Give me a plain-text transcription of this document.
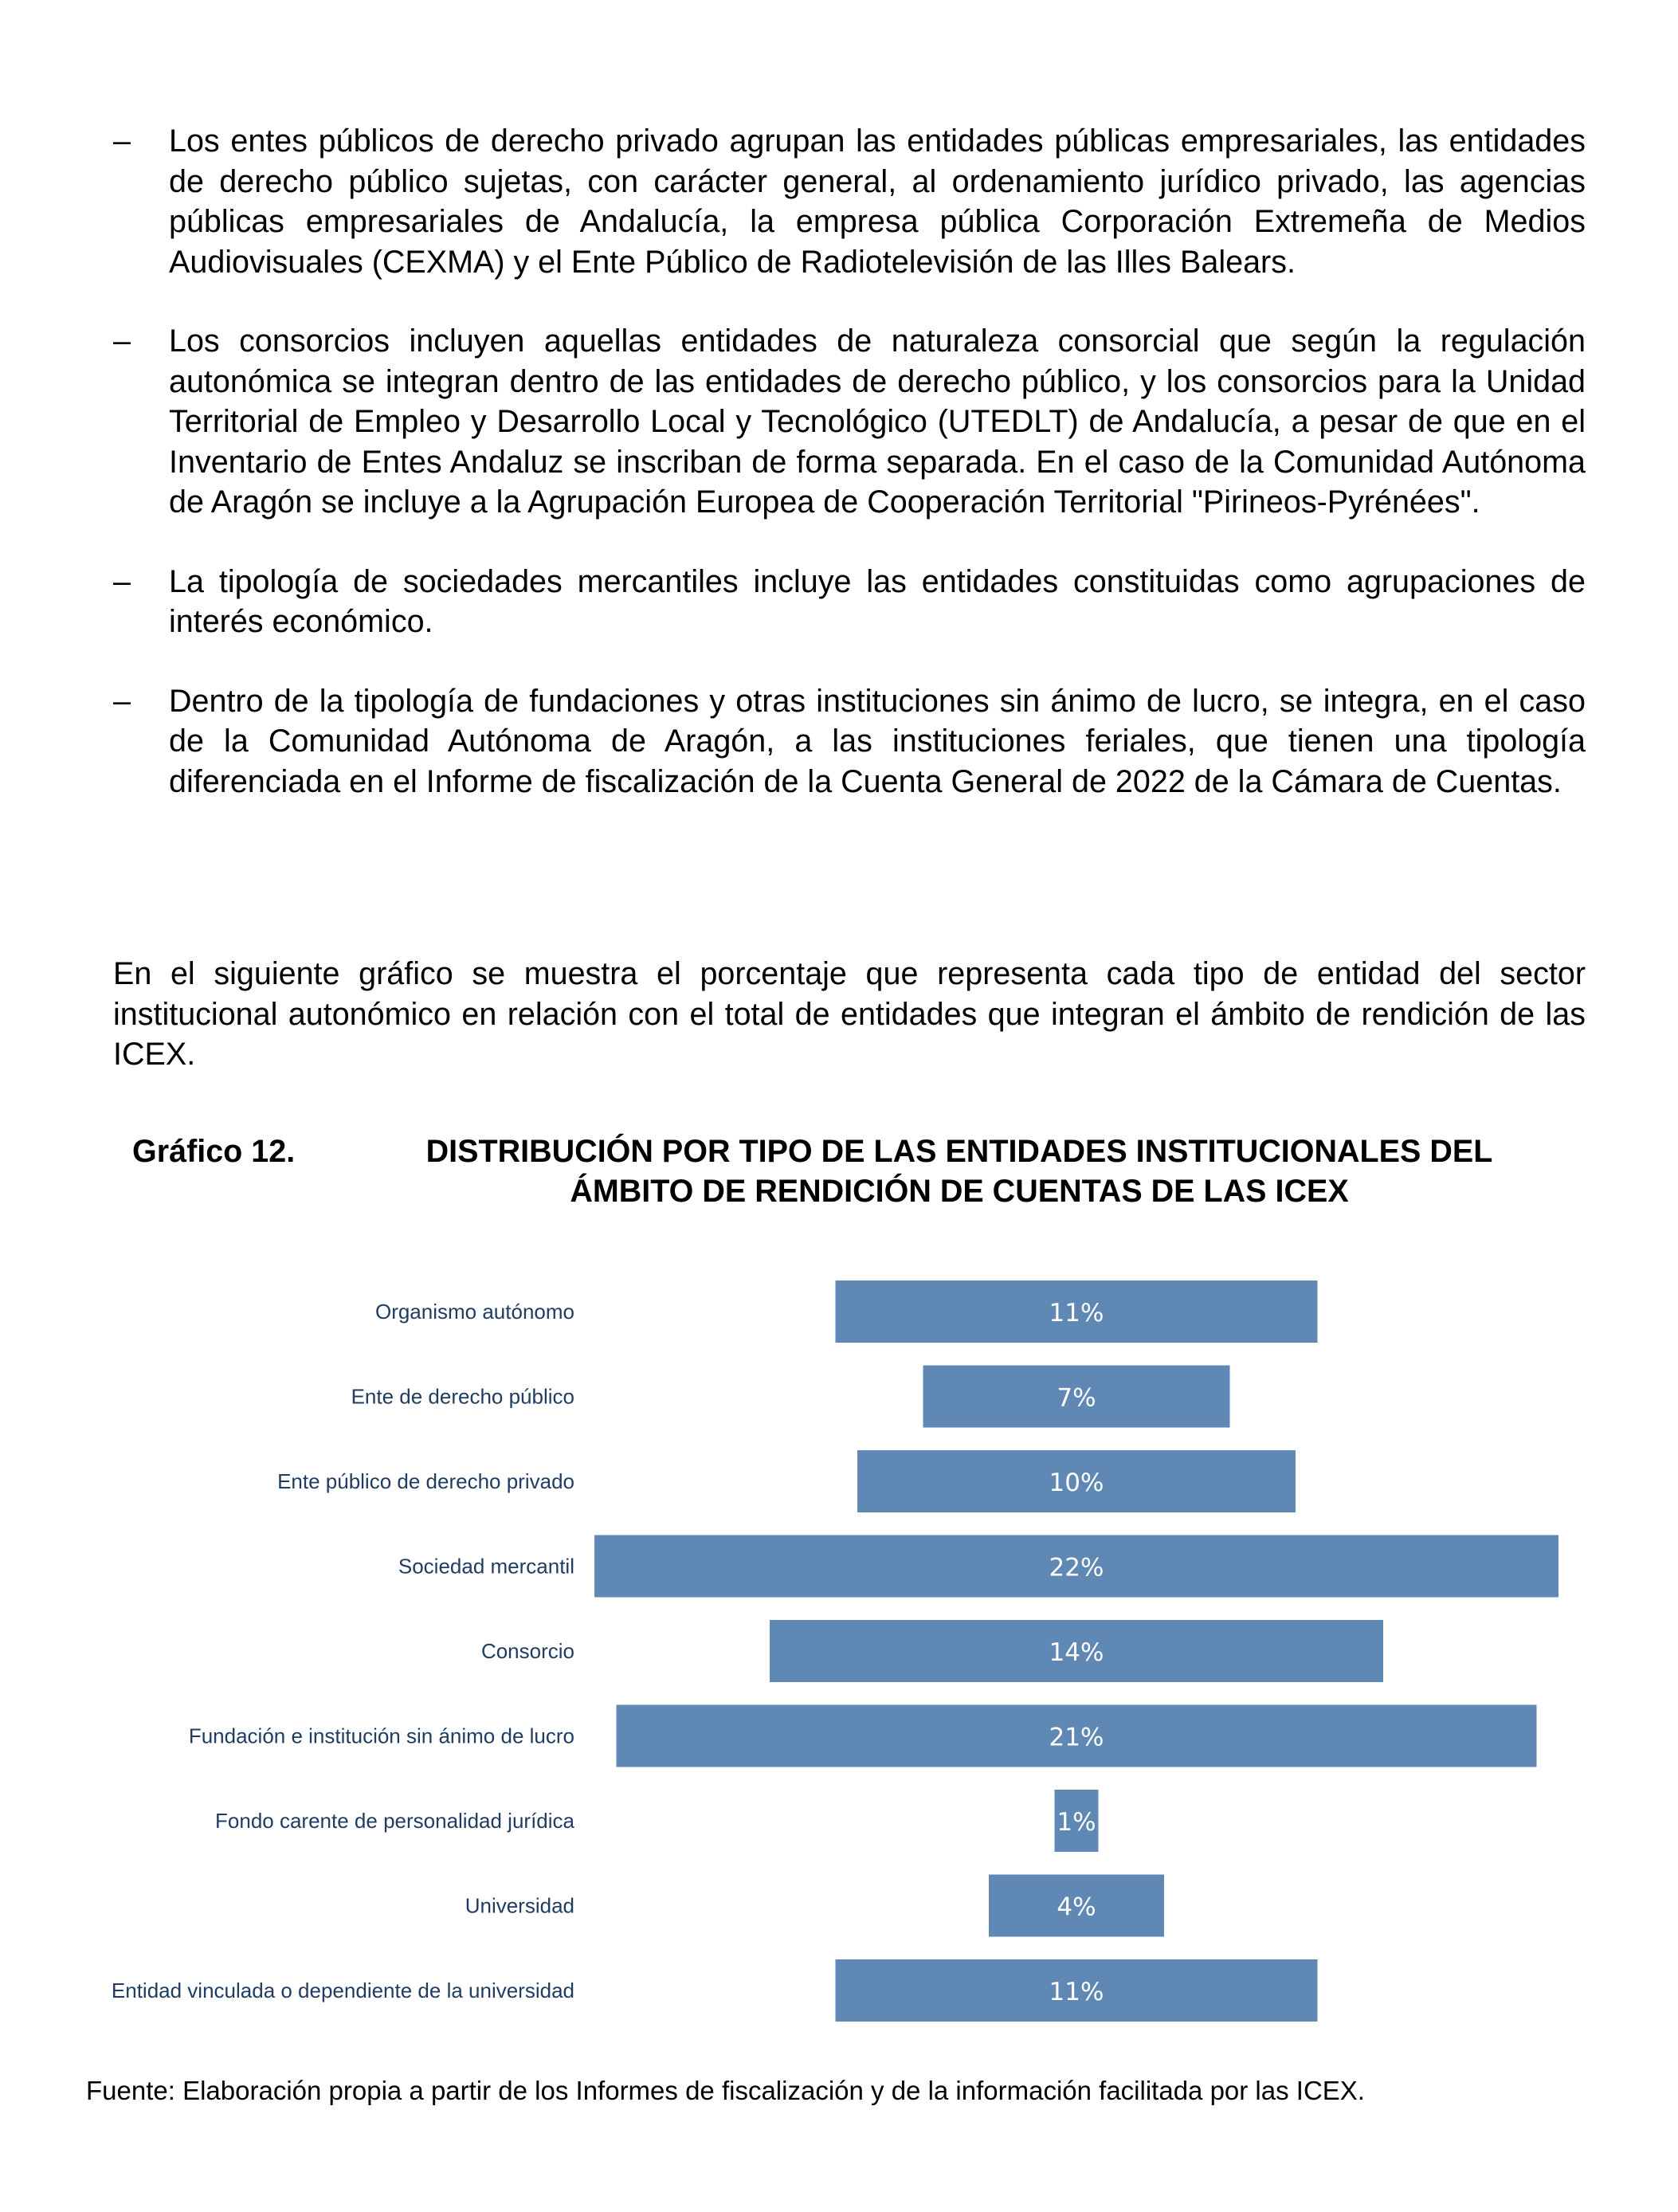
– Los entes públicos de derecho privado agrupan las entidades públicas empresariales, las entidades de derecho público sujetas, con carácter general, al ordenamiento jurídico privado, las agencias públicas empresariales de Andalucía, la empresa pública Corporación Extremeña de Medios Audiovisuales (CEXMA) y el Ente Público de Radiotelevisión de las Illes Balears.
– Los consorcios incluyen aquellas entidades de naturaleza consorcial que según la regulación autonómica se integran dentro de las entidades de derecho público, y los consorcios para la Unidad Territorial de Empleo y Desarrollo Local y Tecnológico (UTEDLT) de Andalucía, a pesar de que en el Inventario de Entes Andaluz se inscriban de forma separada. En el caso de la Comunidad Autónoma de Aragón se incluye a la Agrupación Europea de Cooperación Territorial "Pirineos-Pyrénées".
– La tipología de sociedades mercantiles incluye las entidades constituidas como agrupaciones de interés económico.
– Dentro de la tipología de fundaciones y otras instituciones sin ánimo de lucro, se integra, en el caso de la Comunidad Autónoma de Aragón, a las instituciones feriales, que tienen una tipología diferenciada en el Informe de fiscalización de la Cuenta General de 2022 de la Cámara de Cuentas.
En el siguiente gráfico se muestra el porcentaje que representa cada tipo de entidad del sector institucional autonómico en relación con el total de entidades que integran el ámbito de rendición de las ICEX.
Gráfico 12.	DISTRIBUCIÓN POR TIPO DE LAS ENTIDADES INSTITUCIONALES DEL
ÁMBITO DE RENDICIÓN DE CUENTAS DE LAS ICEX
Organismo autónomo	11%
Ente de derecho público	7%
Ente público de derecho privado	10%
Sociedad mercantil	22%
Consorcio	14%
Fundación e institución sin ánimo de lucro	21%
Fondo carente de personalidad jurídica	1%
Universidad	4%
Entidad vinculada o dependiente de la universidad	11%
Fuente: Elaboración propia a partir de los Informes de fiscalización y de la información facilitada por las ICEX.
